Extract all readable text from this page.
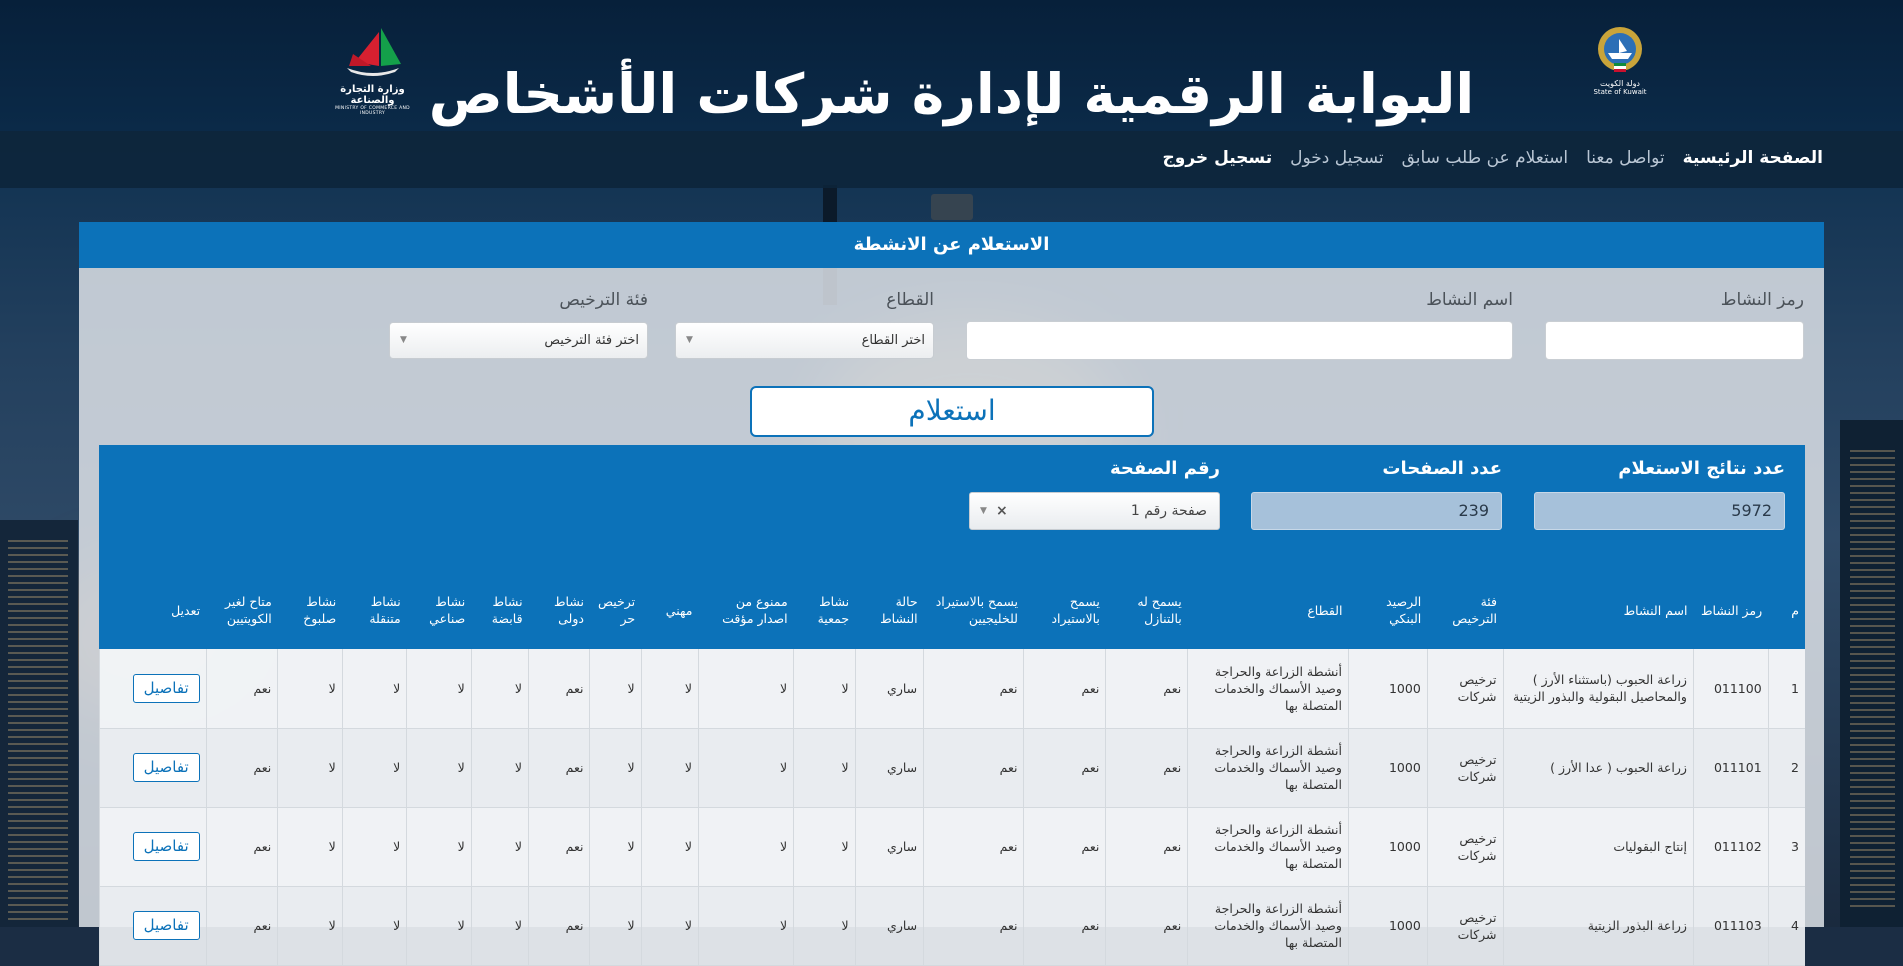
دولة الكويت
State of Kuwait
البوابة الرقمية لإدارة شركات الأشخاص
وزارة التجارة والصناعة
MINISTRY OF COMMERCE AND INDUSTRY
الصفحة الرئيسية
تواصل معنا
استعلام عن طلب سابق
تسجيل دخول
تسجيل خروج
الاستعلام عن الانشطة
رمز النشاط
اسم النشاط
القطاع
فئة الترخيص
اختر القطاع
▼
اختر فئة الترخيص
▼
استعلام
عدد نتائج الاستعلام
عدد الصفحات
رقم الصفحة
5972
239
صفحة رقم 1
×
▼
م	رمز النشاط	اسم النشاط	فئة الترخيص	الرصيد البنكي	القطاع	يسمح له بالتنازل	يسمح بالاستيراد	يسمح بالاستيراد للخليجيين	حالة النشاط	نشاط جمعية	ممنوع من اصدار مؤقت	مهني	ترخيص حر	نشاط دولى	نشاط قابضة	نشاط صناعي	نشاط متنقلة	نشاط صلبوخ	متاح لغير الكويتيين	تعديل
1	011100	زراعة الحبوب (باستثناء الأرز ) والمحاصيل البقولية والبذور الزيتية	ترخيص شركات	1000	أنشطة الزراعة والحراجة وصيد الأسماك والخدمات المتصلة بها	نعم	نعم	نعم	ساري	لا	لا	لا	لا	نعم	لا	لا	لا	لا	نعم	تفاصيل
2	011101	زراعة الحبوب ( عدا الأرز )	ترخيص شركات	1000	أنشطة الزراعة والحراجة وصيد الأسماك والخدمات المتصلة بها	نعم	نعم	نعم	ساري	لا	لا	لا	لا	نعم	لا	لا	لا	لا	نعم	تفاصيل
3	011102	إنتاج البقوليات	ترخيص شركات	1000	أنشطة الزراعة والحراجة وصيد الأسماك والخدمات المتصلة بها	نعم	نعم	نعم	ساري	لا	لا	لا	لا	نعم	لا	لا	لا	لا	نعم	تفاصيل
4	011103	زراعة البذور الزيتية	ترخيص شركات	1000	أنشطة الزراعة والحراجة وصيد الأسماك والخدمات المتصلة بها	نعم	نعم	نعم	ساري	لا	لا	لا	لا	نعم	لا	لا	لا	لا	نعم	تفاصيل
